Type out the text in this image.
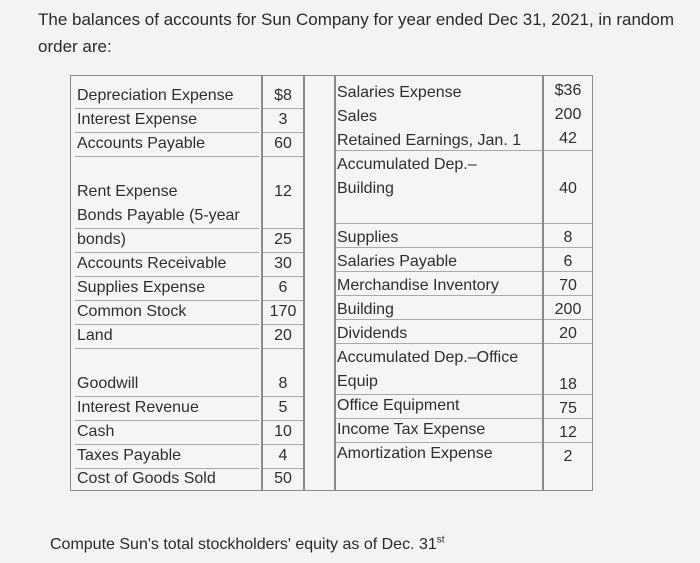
The balances of accounts for Sun Company for year ended Dec 31, 2021, in random
order are:
Depreciation Expense	$8
Interest Expense	3
Accounts Payable	60
Rent Expense	12
Bonds Payable (5-year
bonds)	25
Accounts Receivable	30
Supplies Expense	6
Common Stock	170
Land	20
Goodwill	8
Interest Revenue	5
Cash	10
Taxes Payable	4
Cost of Goods Sold	50
Salaries Expense	$36
Sales	200
Retained Earnings, Jan. 1	42
Accumulated Dep.–
Building	40
Supplies	8
Salaries Payable	6
Merchandise Inventory	70
Building	200
Dividends	20
Accumulated Dep.–Office
Equip	18
Office Equipment	75
Income Tax Expense	12
Amortization Expense	2
Compute Sun's total stockholders' equity as of Dec. 31st
